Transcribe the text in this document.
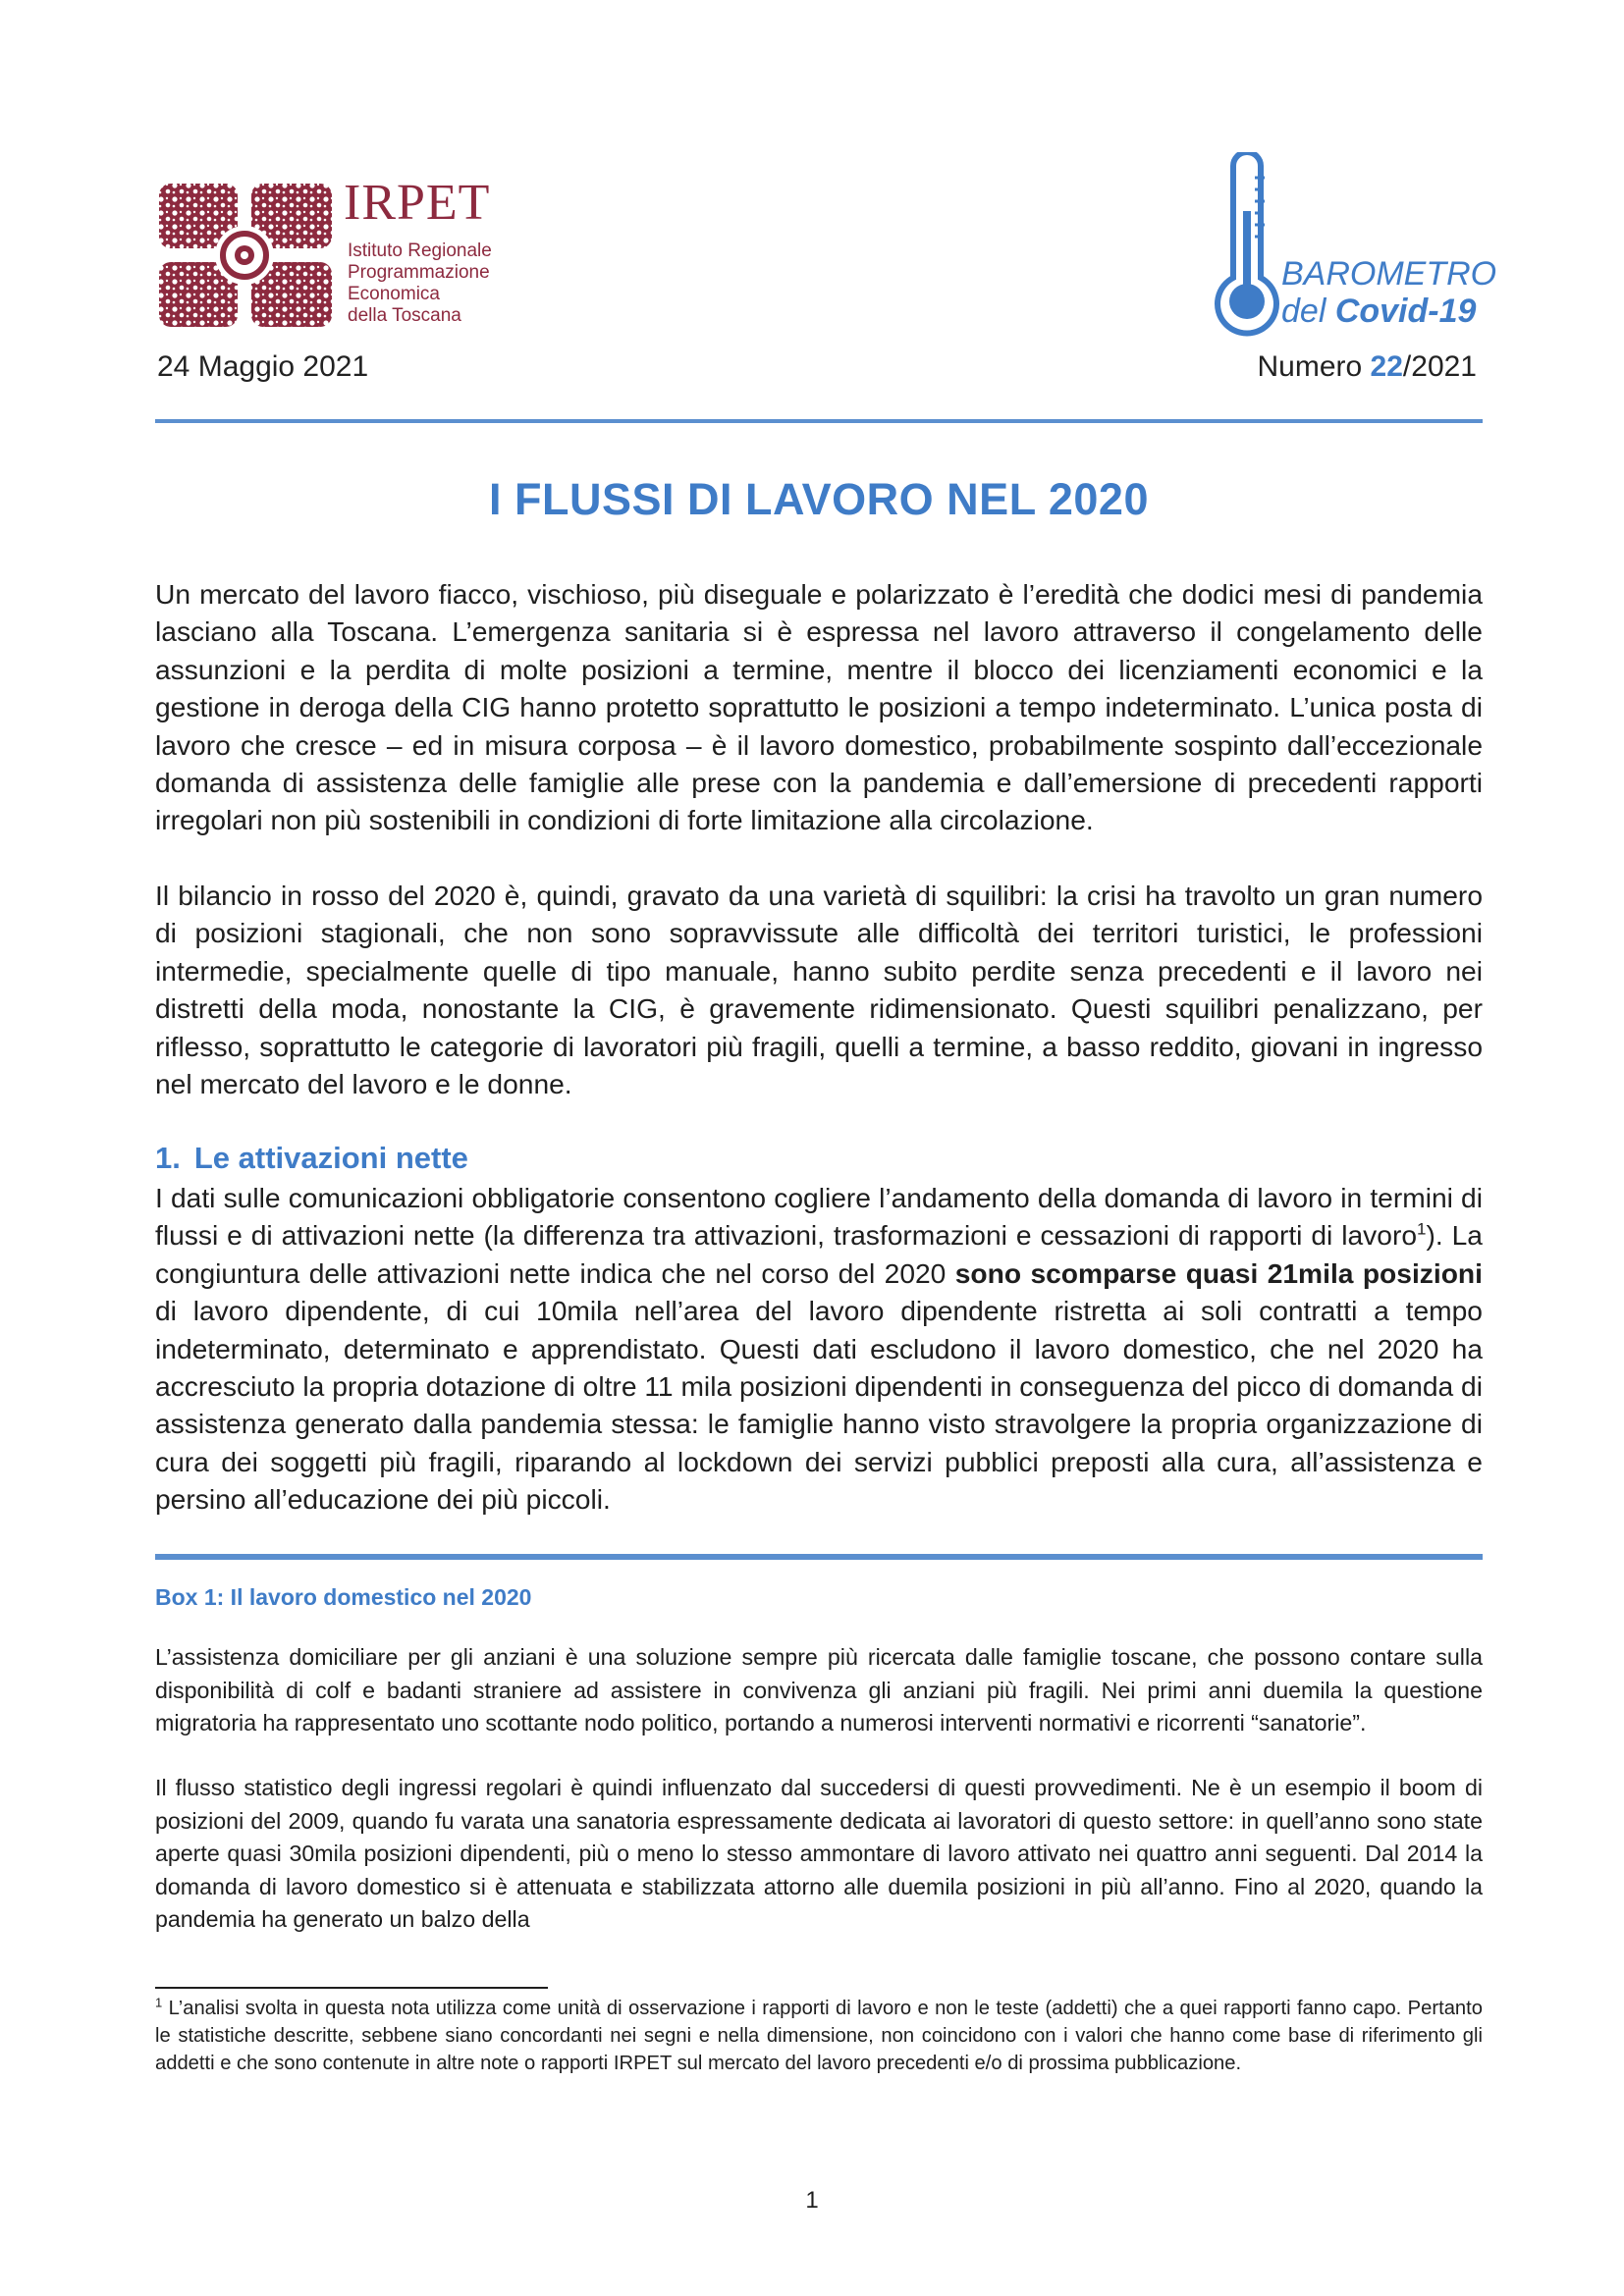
IRPET
Istituto Regionale
Programmazione
Economica
della Toscana
BAROMETRO
del Covid-19
24 Maggio 2021	Numero 22/2021
I FLUSSI DI LAVORO NEL 2020

Un mercato del lavoro fiacco, vischioso, più diseguale e polarizzato è l’eredità che dodici mesi di pandemia lasciano alla Toscana. L’emergenza sanitaria si è espressa nel lavoro attraverso il congelamento delle assunzioni e la perdita di molte posizioni a termine, mentre il blocco dei licenziamenti economici e la gestione in deroga della CIG hanno protetto soprattutto le posizioni a tempo indeterminato. L’unica posta di lavoro che cresce – ed in misura corposa – è il lavoro domestico, probabilmente sospinto dall’eccezionale domanda di assistenza delle famiglie alle prese con la pandemia e dall’emersione di precedenti rapporti irregolari non più sostenibili in condizioni di forte limitazione alla circolazione.

Il bilancio in rosso del 2020 è, quindi, gravato da una varietà di squilibri: la crisi ha travolto un gran numero di posizioni stagionali, che non sono sopravvissute alle difficoltà dei territori turistici, le professioni intermedie, specialmente quelle di tipo manuale, hanno subito perdite senza precedenti e il lavoro nei distretti della moda, nonostante la CIG, è gravemente ridimensionato. Questi squilibri penalizzano, per riflesso, soprattutto le categorie di lavoratori più fragili, quelli a termine, a basso reddito, giovani in ingresso nel mercato del lavoro e le donne.

1. Le attivazioni nette

I dati sulle comunicazioni obbligatorie consentono cogliere l’andamento della domanda di lavoro in termini di flussi e di attivazioni nette (la differenza tra attivazioni, trasformazioni e cessazioni di rapporti di lavoro$^1$). La congiuntura delle attivazioni nette indica che nel corso del 2020 sono scomparse quasi 21mila posizioni di lavoro dipendente, di cui 10mila nell’area del lavoro dipendente ristretta ai soli contratti a tempo indeterminato, determinato e apprendistato. Questi dati escludono il lavoro domestico, che nel 2020 ha accresciuto la propria dotazione di oltre 11 mila posizioni dipendenti in conseguenza del picco di domanda di assistenza generato dalla pandemia stessa: le famiglie hanno visto stravolgere la propria organizzazione di cura dei soggetti più fragili, riparando al lockdown dei servizi pubblici preposti alla cura, all’assistenza e persino all’educazione dei più piccoli.

Box 1: Il lavoro domestico nel 2020

L’assistenza domiciliare per gli anziani è una soluzione sempre più ricercata dalle famiglie toscane, che possono contare sulla disponibilità di colf e badanti straniere ad assistere in convivenza gli anziani più fragili. Nei primi anni duemila la questione migratoria ha rappresentato uno scottante nodo politico, portando a numerosi interventi normativi e ricorrenti “sanatorie”.

Il flusso statistico degli ingressi regolari è quindi influenzato dal succedersi di questi provvedimenti. Ne è un esempio il boom di posizioni del 2009, quando fu varata una sanatoria espressamente dedicata ai lavoratori di questo settore: in quell’anno sono state aperte quasi 30mila posizioni dipendenti, più o meno lo stesso ammontare di lavoro attivato nei quattro anni seguenti. Dal 2014 la domanda di lavoro domestico si è attenuata e stabilizzata attorno alle duemila posizioni in più all’anno. Fino al 2020, quando la pandemia ha generato un balzo della

$^1$ L’analisi svolta in questa nota utilizza come unità di osservazione i rapporti di lavoro e non le teste (addetti) che a quei rapporti fanno capo. Pertanto le statistiche descritte, sebbene siano concordanti nei segni e nella dimensione, non coincidono con i valori che hanno come base di riferimento gli addetti e che sono contenute in altre note o rapporti IRPET sul mercato del lavoro precedenti e/o di prossima pubblicazione.
1
